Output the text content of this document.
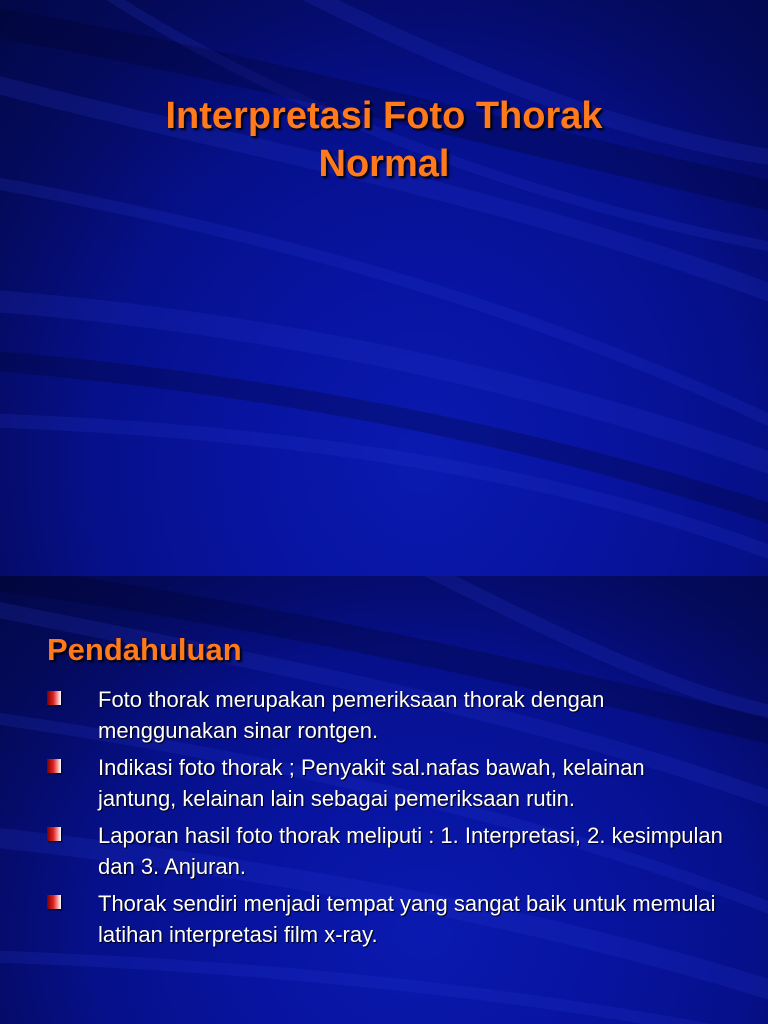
Interpretasi Foto Thorak
Normal
Pendahuluan
Foto thorak merupakan pemeriksaan thorak dengan menggunakan sinar rontgen.
Indikasi foto thorak ; Penyakit sal.nafas bawah, kelainan jantung, kelainan lain sebagai pemeriksaan rutin.
Laporan hasil foto thorak meliputi : 1. Interpretasi, 2. kesimpulan dan 3. Anjuran.
Thorak sendiri menjadi tempat yang sangat baik untuk memulai latihan interpretasi film x-ray.
